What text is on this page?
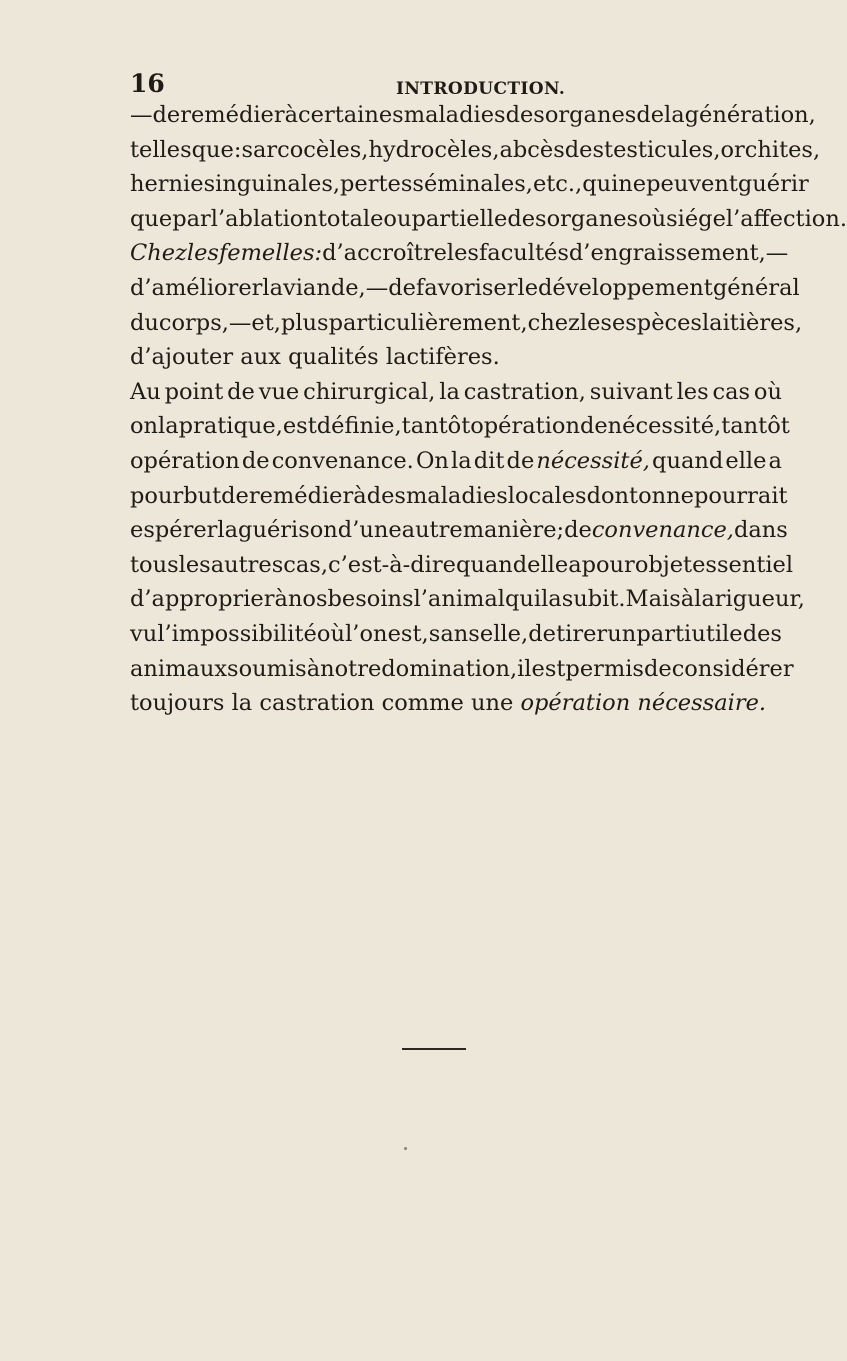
16	INTRODUCTION.
— de remédier à certaines maladies des organes de la génération,
telles que : sarcocèles, hydrocèles, abcès des testicules, orchites,
hernies inguinales, pertes séminales, etc., qui ne peuvent guérir
que par l’ablation totale ou partielle des organes où siége l’affection.
Chez les femelles : d’accroître les facultés d’engraissement, —
d’améliorer la viande, — de favoriser le développement général
du corps, — et, plus particulièrement, chez les espèces laitières,
d’ajouter aux qualités lactifères.
Au point de vue chirurgical, la castration, suivant les cas où
on la pratique, est définie, tantôt opération de nécessité, tantôt
opération de convenance. On la dit de nécessité, quand elle a
pour but de remédier à des maladies locales dont on ne pourrait
espérer la guérison d’une autre manière ; de convenance, dans
tous les autres cas, c’est-à-dire quand elle a pour objet essentiel
d’approprier à nos besoins l’animal qui la subit. Mais à la rigueur,
vu l’impossibilité où l’on est, sans elle, de tirer un parti utile des
animaux soumis à notre domination, il est permis de considérer
toujours la castration comme une opération nécessaire.
